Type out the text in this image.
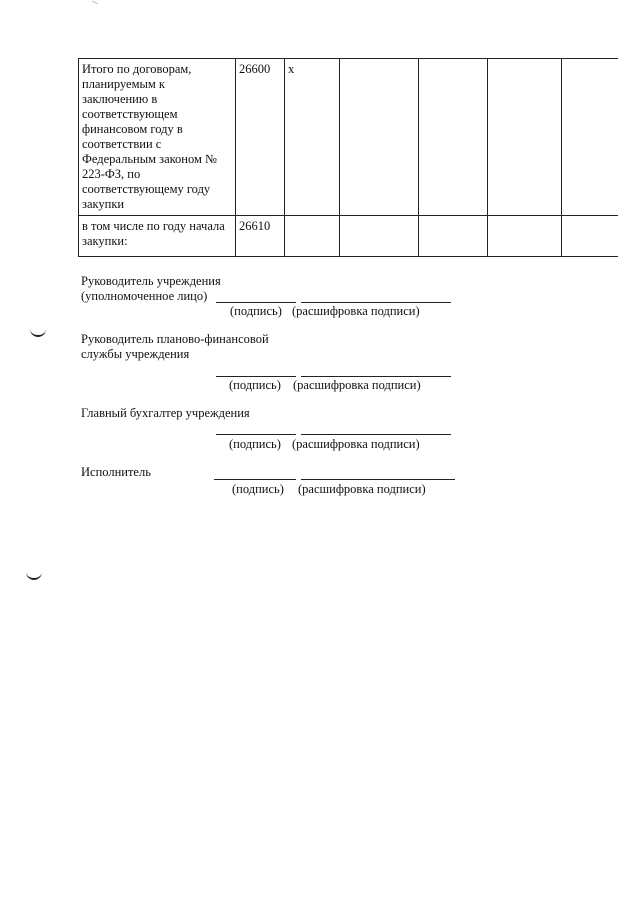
Итого по договорам, планируемым к заключению в соответствующем финансовом году в соответствии с Федеральным законом № 223-ФЗ, по соответствующему году закупки	26600	х				
в том числе по году начала закупки:	26610					
Руководитель учреждения
(уполномоченное лицо)
(подпись) (расшифровка подписи)
Руководитель планово-финансовой
службы учреждения
(подпись) (расшифровка подписи)
Главный бухгалтер учреждения
(подпись) (расшифровка подписи)
Исполнитель
(подпись) (расшифровка подписи)
